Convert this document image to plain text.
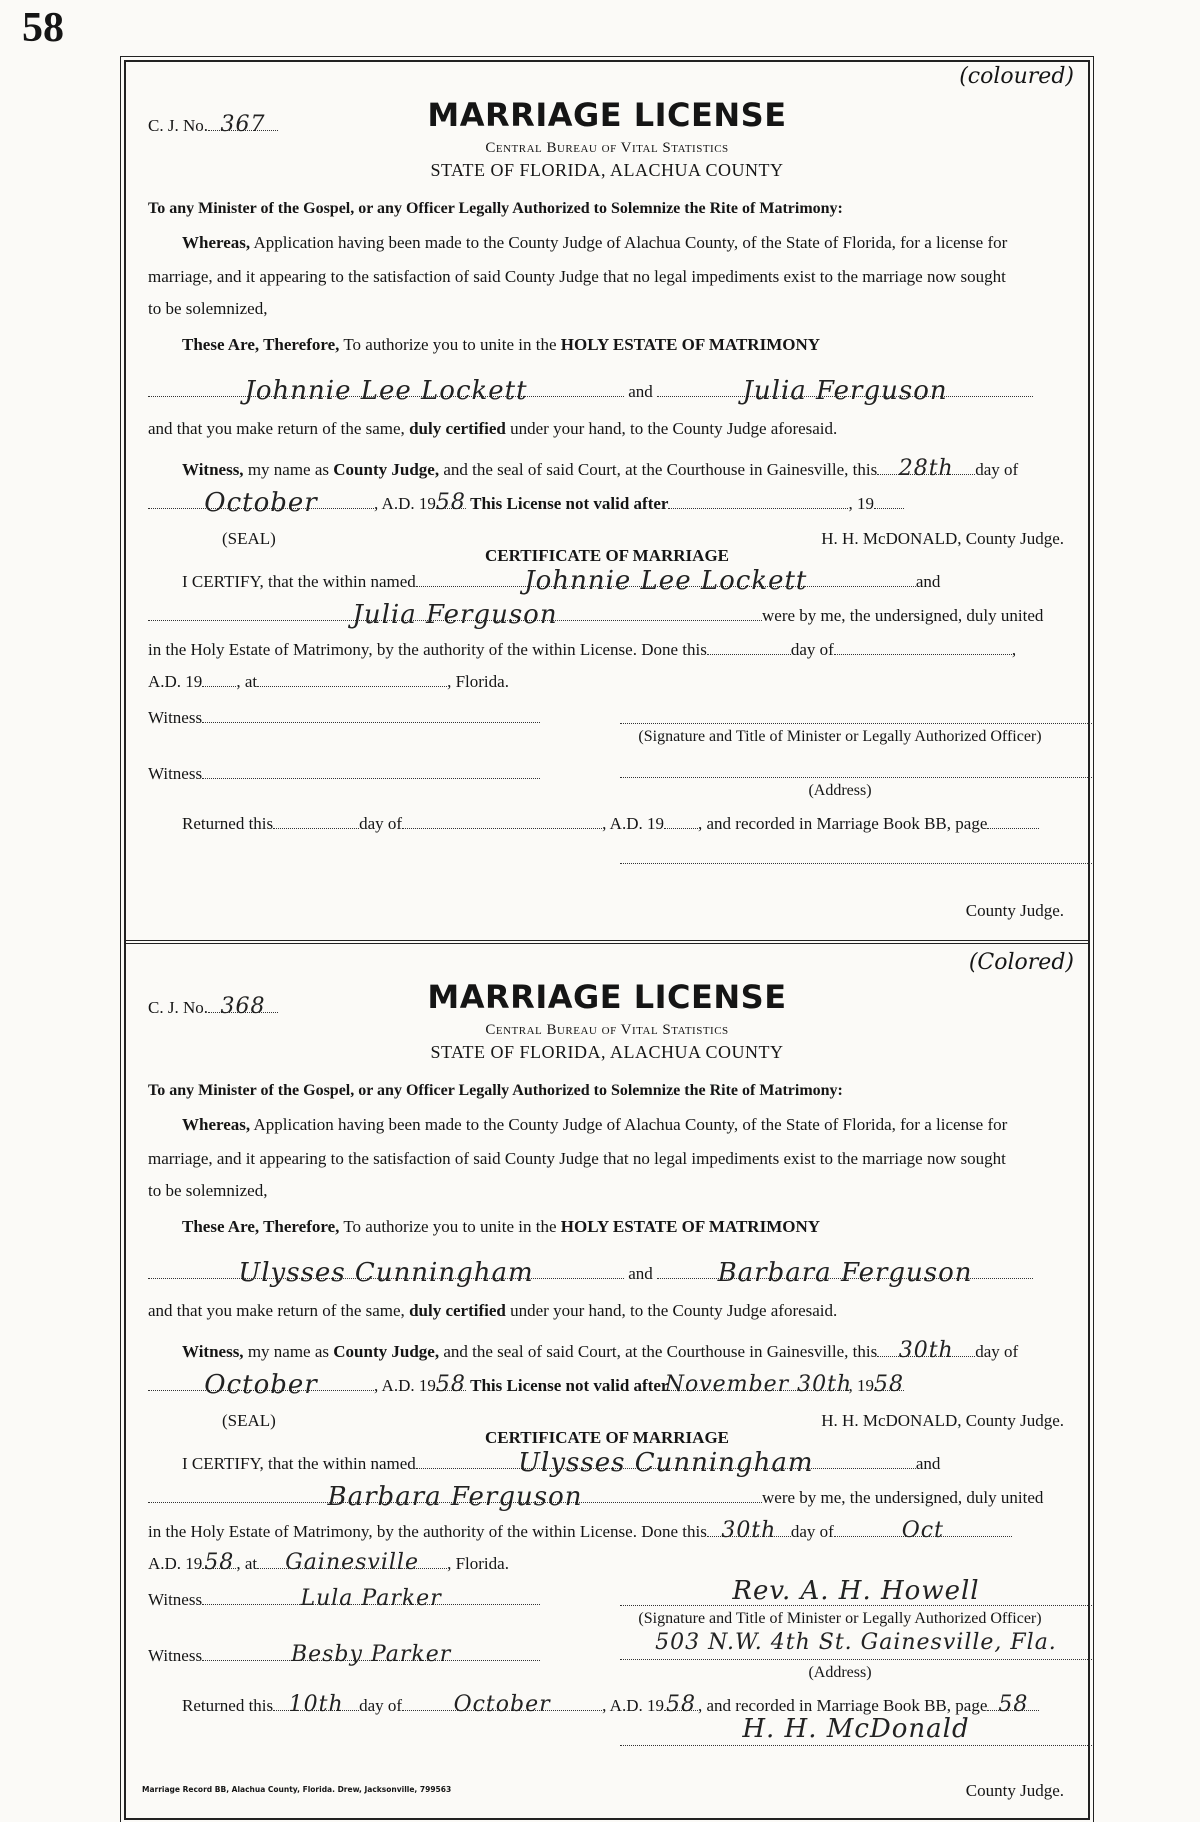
58
C. J. No. 367
(coloured)
MARRIAGE LICENSE
Central Bureau of Vital Statistics
STATE OF FLORIDA, ALACHUA COUNTY
To any Minister of the Gospel, or any Officer Legally Authorized to Solemnize the Rite of Matrimony:
Whereas, Application having been made to the County Judge of Alachua County, of the State of Florida, for a license for
marriage, and it appearing to the satisfaction of said County Judge that no legal impediments exist to the marriage now sought
to be solemnized,
These Are, Therefore, To authorize you to unite in the HOLY ESTATE OF MATRIMONY
Johnnie Lee Lockett	and	Julia Ferguson
and that you make return of the same, duly certified under your hand, to the County Judge aforesaid.
Witness, my name as County Judge, and the seal of said Court, at the Courthouse in Gainesville, this 28th day of
October	, A.D. 19 58 This License not valid after	, 19
(SEAL)	H. H. McDONALD, County Judge.
CERTIFICATE OF MARRIAGE
I CERTIFY, that the within named	Johnnie Lee Lockett	and
Julia Ferguson	were by me, the undersigned, duly united
in the Holy Estate of Matrimony, by the authority of the within License. Done this	day of	,
A.D. 19 , at	, Florida.
Witness
(Signature and Title of Minister or Legally Authorized Officer)
Witness
(Address)
Returned this	day of	, A.D. 19 , and recorded in Marriage Book BB, page
County Judge.
C. J. No. 368
(Colored)
MARRIAGE LICENSE
Central Bureau of Vital Statistics
STATE OF FLORIDA, ALACHUA COUNTY
To any Minister of the Gospel, or any Officer Legally Authorized to Solemnize the Rite of Matrimony:
Whereas, Application having been made to the County Judge of Alachua County, of the State of Florida, for a license for
marriage, and it appearing to the satisfaction of said County Judge that no legal impediments exist to the marriage now sought
to be solemnized,
These Are, Therefore, To authorize you to unite in the HOLY ESTATE OF MATRIMONY
Ulysses Cunningham	and Barbara Ferguson
and that you make return of the same, duly certified under your hand, to the County Judge aforesaid.
Witness, my name as County Judge, and the seal of said Court, at the Courthouse in Gainesville, this 30th day of
October	, A.D. 19 58 This License not valid after
November 30th
, 19 58
(SEAL)	H. H. McDONALD, County Judge.
CERTIFICATE OF MARRIAGE
I CERTIFY, that the within named	Ulysses Cunningham	and
Barbara Ferguson	were by me, the undersigned, duly united
in the Holy Estate of Matrimony, by the authority of the within License. Done this 30th day of	Oct
A.D. 19 58 , at Gainesville , Florida.
Witness	Lula Parker	Rev. A. H. Howell
(Signature and Title of Minister or Legally Authorized Officer)
Witness	Besby Parker	503 N.W. 4th St. Gainesville, Fla.
(Address)
Returned this 10th day of October	, A.D. 19 58 , and recorded in Marriage Book BB, page 58
H. H. McDonald
County Judge.
Marriage Record BB, Alachua County, Florida. Drew, Jacksonville, 799563
